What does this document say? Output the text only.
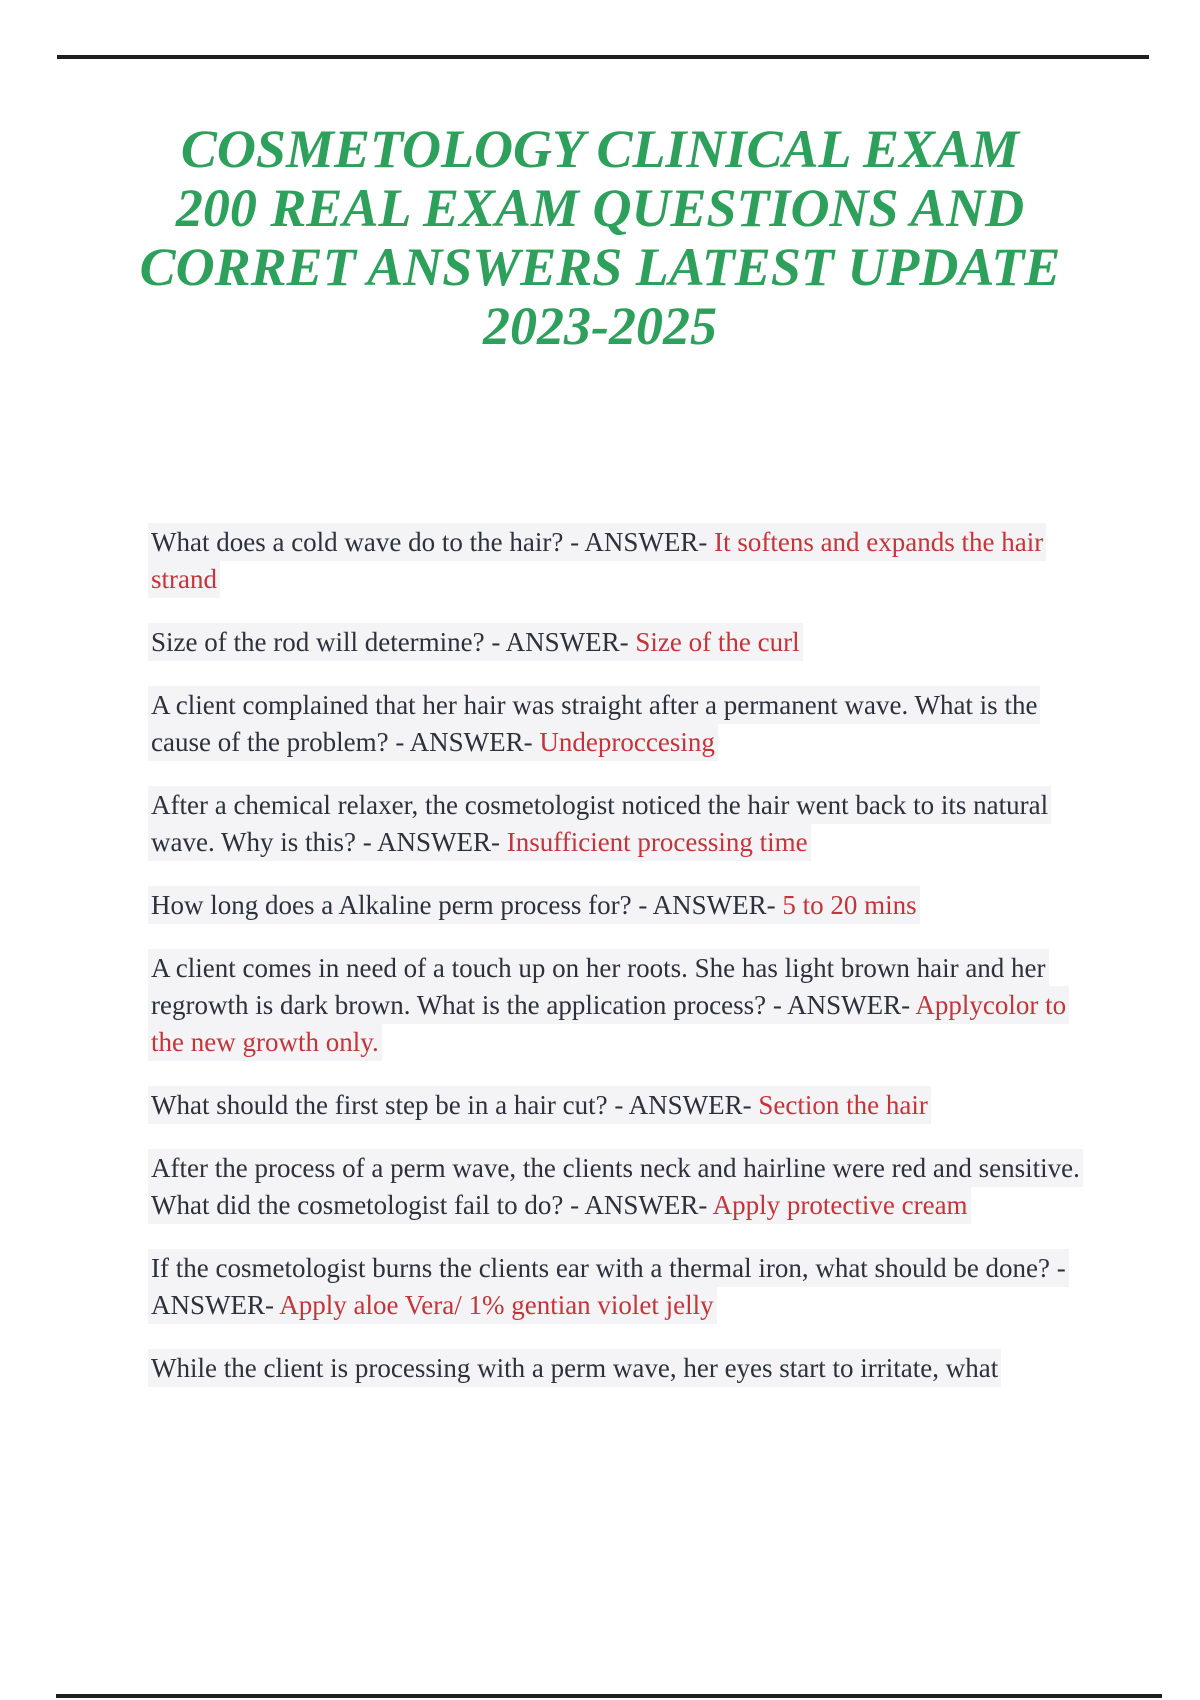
COSMETOLOGY CLINICAL EXAM
200 REAL EXAM QUESTIONS AND
CORRET ANSWERS LATEST UPDATE
2023-2025

What does a cold wave do to the hair? - ANSWER- It softens and expands the hair strand

Size of the rod will determine? - ANSWER- Size of the curl

A client complained that her hair was straight after a permanent wave. What is the cause of the problem? - ANSWER- Undeproccesing

After a chemical relaxer, the cosmetologist noticed the hair went back to its natural wave. Why is this? - ANSWER- Insufficient processing time

How long does a Alkaline perm process for? - ANSWER- 5 to 20 mins

A client comes in need of a touch up on her roots. She has light brown hair and her regrowth is dark brown. What is the application process? - ANSWER- Applycolor to the new growth only.

What should the first step be in a hair cut? - ANSWER- Section the hair

After the process of a perm wave, the clients neck and hairline were red and sensitive. What did the cosmetologist fail to do? - ANSWER- Apply protective cream

If the cosmetologist burns the clients ear with a thermal iron, what should be done? - ANSWER- Apply aloe Vera/ 1% gentian violet jelly

While the client is processing with a perm wave, her eyes start to irritate, what
